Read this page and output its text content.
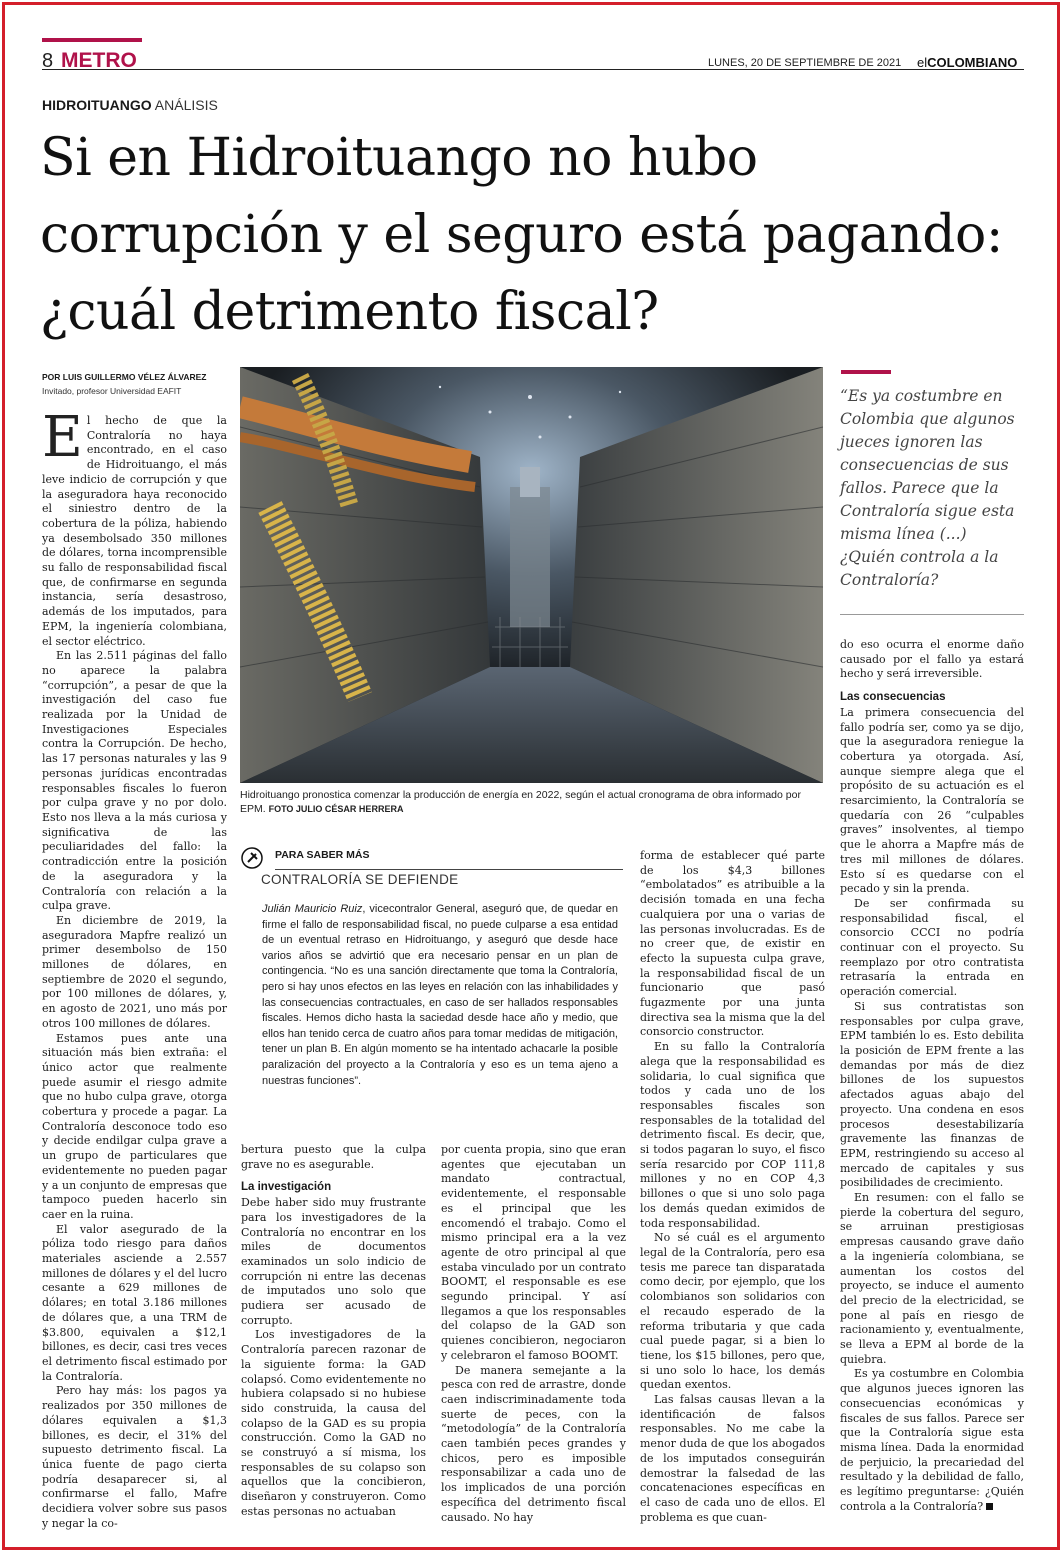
8 METRO	LUNES, 20 DE SEPTIEMBRE DE 2021 elCOLOMBIANO
HIDROITUANGO ANÁLISIS
Si en Hidroituango no hubo corrupción y el seguro está pagando: ¿cuál detrimento fiscal?
POR LUIS GUILLERMO VÉLEZ ÁLVAREZ
Invitado, profesor Universidad EAFIT

El hecho de que la Contraloría no haya encontrado, en el caso de Hidroituango, el más leve indicio de corrupción y que la aseguradora haya reconocido el siniestro dentro de la cobertura de la póliza, habiendo ya desembolsado 350 millones de dólares, torna incomprensible su fallo de responsabilidad fiscal que, de confirmarse en segunda instancia, sería desastroso, además de los imputados, para EPM, la ingeniería colombiana, el sector eléctrico.

En las 2.511 páginas del fallo no aparece la palabra “corrupción”, a pesar de que la investigación del caso fue realizada por la Unidad de Investigaciones Especiales contra la Corrupción. De hecho, las 17 personas naturales y las 9 personas jurídicas encontradas responsables fiscales lo fueron por culpa grave y no por dolo. Esto nos lleva a la más curiosa y significativa de las peculiaridades del fallo: la contradicción entre la posición de la aseguradora y la Contraloría con relación a la culpa grave.

En diciembre de 2019, la aseguradora Mapfre realizó un primer desembolso de 150 millones de dólares, en septiembre de 2020 el segundo, por 100 millones de dólares, y, en agosto de 2021, uno más por otros 100 millones de dólares.

Estamos pues ante una situación más bien extraña: el único actor que realmente puede asumir el riesgo admite que no hubo culpa grave, otorga cobertura y procede a pagar. La Contraloría desconoce todo eso y decide endilgar culpa grave a un grupo de particulares que evidentemente no pueden pagar y a un conjunto de empresas que tampoco pueden hacerlo sin caer en la ruina.

El valor asegurado de la póliza todo riesgo para daños materiales asciende a 2.557 millones de dólares y el del lucro cesante a 629 millones de dólares; en total 3.186 millones de dólares que, a una TRM de $3.800, equivalen a $12,1 billones, es decir, casi tres veces el detrimento fiscal estimado por la Contraloría.

Pero hay más: los pagos ya realizados por 350 millones de dólares equivalen a $1,3 billones, es decir, el 31% del supuesto detrimento fiscal. La única fuente de pago cierta podría desaparecer si, al confirmarse el fallo, Mafre decidiera volver sobre sus pasos y negar la co-

Hidroituango pronostica comenzar la producción de energía en 2022, según el actual cronograma de obra informado por EPM. FOTO JULIO CÉSAR HERRERA
PARA SABER MÁS
CONTRALORÍA SE DEFIENDE
Julián Mauricio Ruiz, vicecontralor General, aseguró que, de quedar en firme el fallo de responsabilidad fiscal, no puede culparse a esa entidad de un eventual retraso en Hidroituango, y aseguró que desde hace varios años se advirtió que era necesario pensar en un plan de contingencia. “No es una sanción directamente que toma la Contraloría, pero si hay unos efectos en las leyes en relación con las inhabilidades y las consecuencias contractuales, en caso de ser hallados responsables fiscales. Hemos dicho hasta la saciedad desde hace año y medio, que ellos han tenido cerca de cuatro años para tomar medidas de mitigación, tener un plan B. En algún momento se ha intentado achacarle la posible paralización del proyecto a la Contraloría y eso es un tema ajeno a nuestras funciones”.

bertura puesto que la culpa grave no es asegurable.

La investigación

Debe haber sido muy frustrante para los investigadores de la Contraloría no encontrar en los miles de documentos examinados un solo indicio de corrupción ni entre las decenas de imputados uno solo que pudiera ser acusado de corrupto.

Los investigadores de la Contraloría parecen razonar de la siguiente forma: la GAD colapsó. Como evidentemente no hubiera colapsado si no hubiese sido construida, la causa del colapso de la GAD es su propia construcción. Como la GAD no se construyó a sí misma, los responsables de su colapso son aquellos que la concibieron, diseñaron y construyeron. Como estas personas no actuaban

por cuenta propia, sino que eran agentes que ejecutaban un mandato contractual, evidentemente, el responsable es el principal que les encomendó el trabajo. Como el mismo principal era a la vez agente de otro principal al que estaba vinculado por un contrato BOOMT, el responsable es ese segundo principal. Y así llegamos a que los responsables del colapso de la GAD son quienes concibieron, negociaron y celebraron el famoso BOOMT.

De manera semejante a la pesca con red de arrastre, donde caen indiscriminadamente toda suerte de peces, con la “metodología” de la Contraloría caen también peces grandes y chicos, pero es imposible responsabilizar a cada uno de los implicados de una porción específica del detrimento fiscal causado. No hay

forma de establecer qué parte de los $4,3 billones “embolatados” es atribuible a la decisión tomada en una fecha cualquiera por una o varias de las personas involucradas. Es de no creer que, de existir en efecto la supuesta culpa grave, la responsabilidad fiscal de un funcionario que pasó fugazmente por una junta directiva sea la misma que la del consorcio constructor.

En su fallo la Contraloría alega que la responsabilidad es solidaria, lo cual significa que todos y cada uno de los responsables fiscales son responsables de la totalidad del detrimento fiscal. Es decir, que, si todos pagaran lo suyo, el fisco sería resarcido por COP 111,8 millones y no en COP 4,3 billones o que si uno solo paga los demás quedan eximidos de toda responsabilidad.

No sé cuál es el argumento legal de la Contraloría, pero esa tesis me parece tan disparatada como decir, por ejemplo, que los colombianos son solidarios con el recaudo esperado de la reforma tributaria y que cada cual puede pagar, si a bien lo tiene, los $15 billones, pero que, si uno solo lo hace, los demás quedan exentos.

Las falsas causas llevan a la identificación de falsos responsables. No me cabe la menor duda de que los abogados de los imputados conseguirán demostrar la falsedad de las concatenaciones específicas en el caso de cada uno de ellos. El problema es que cuan-

“Es ya costumbre en Colombia que algunos jueces ignoren las consecuencias de sus fallos. Parece que la Contraloría sigue esta misma línea (...) ¿Quién controla a la Contraloría?

do eso ocurra el enorme daño causado por el fallo ya estará hecho y será irreversible.

Las consecuencias

La primera consecuencia del fallo podría ser, como ya se dijo, que la aseguradora reniegue la cobertura ya otorgada. Así, aunque siempre alega que el propósito de su actuación es el resarcimiento, la Contraloría se quedaría con 26 “culpables graves” insolventes, al tiempo que le ahorra a Mapfre más de tres mil millones de dólares. Esto sí es quedarse con el pecado y sin la prenda.

De ser confirmada su responsabilidad fiscal, el consorcio CCCI no podría continuar con el proyecto. Su reemplazo por otro contratista retrasaría la entrada en operación comercial.

Si sus contratistas son responsables por culpa grave, EPM también lo es. Esto debilita la posición de EPM frente a las demandas por más de diez billones de los supuestos afectados aguas abajo del proyecto. Una condena en esos procesos desestabilizaría gravemente las finanzas de EPM, restringiendo su acceso al mercado de capitales y sus posibilidades de crecimiento.

En resumen: con el fallo se pierde la cobertura del seguro, se arruinan prestigiosas empresas causando grave daño a la ingeniería colombiana, se aumentan los costos del proyecto, se induce el aumento del precio de la electricidad, se pone al país en riesgo de racionamiento y, eventualmente, se lleva a EPM al borde de la quiebra.

Es ya costumbre en Colombia que algunos jueces ignoren las consecuencias económicas y fiscales de sus fallos. Parece ser que la Contraloría sigue esta misma línea. Dada la enormidad de perjuicio, la precariedad del resultado y la debilidad de fallo, es legítimo preguntarse: ¿Quién controla a la Contraloría?
